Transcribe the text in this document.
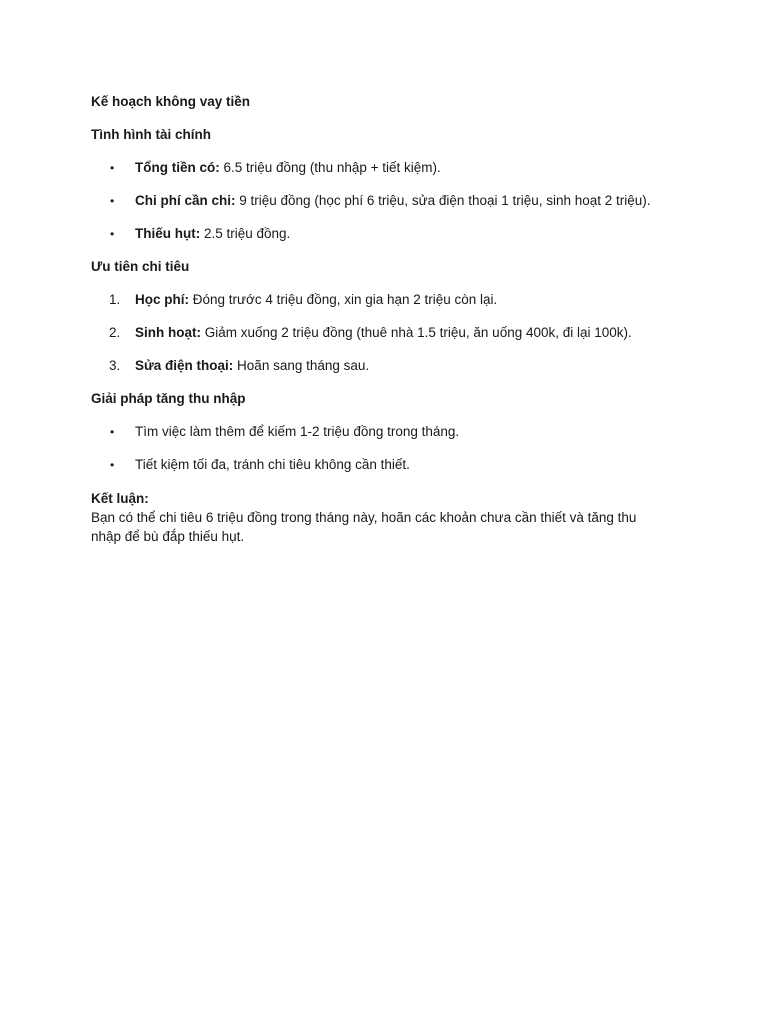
Kế hoạch không vay tiền
Tình hình tài chính
•	Tổng tiền có: 6.5 triệu đồng (thu nhập + tiết kiệm).
•	Chi phí cần chi: 9 triệu đồng (học phí 6 triệu, sửa điện thoại 1 triệu, sinh hoạt 2 triệu).
•	Thiếu hụt: 2.5 triệu đồng.
Ưu tiên chi tiêu
1.	Học phí: Đóng trước 4 triệu đồng, xin gia hạn 2 triệu còn lại.
2.	Sinh hoạt: Giảm xuống 2 triệu đồng (thuê nhà 1.5 triệu, ăn uống 400k, đi lại 100k).
3.	Sửa điện thoại: Hoãn sang tháng sau.
Giải pháp tăng thu nhập
•	Tìm việc làm thêm để kiếm 1-2 triệu đồng trong tháng.
•	Tiết kiệm tối đa, tránh chi tiêu không cần thiết.
Kết luận:
Bạn có thể chi tiêu 6 triệu đồng trong tháng này, hoãn các khoản chưa cần thiết và tăng thu nhập để bù đắp thiếu hụt.
